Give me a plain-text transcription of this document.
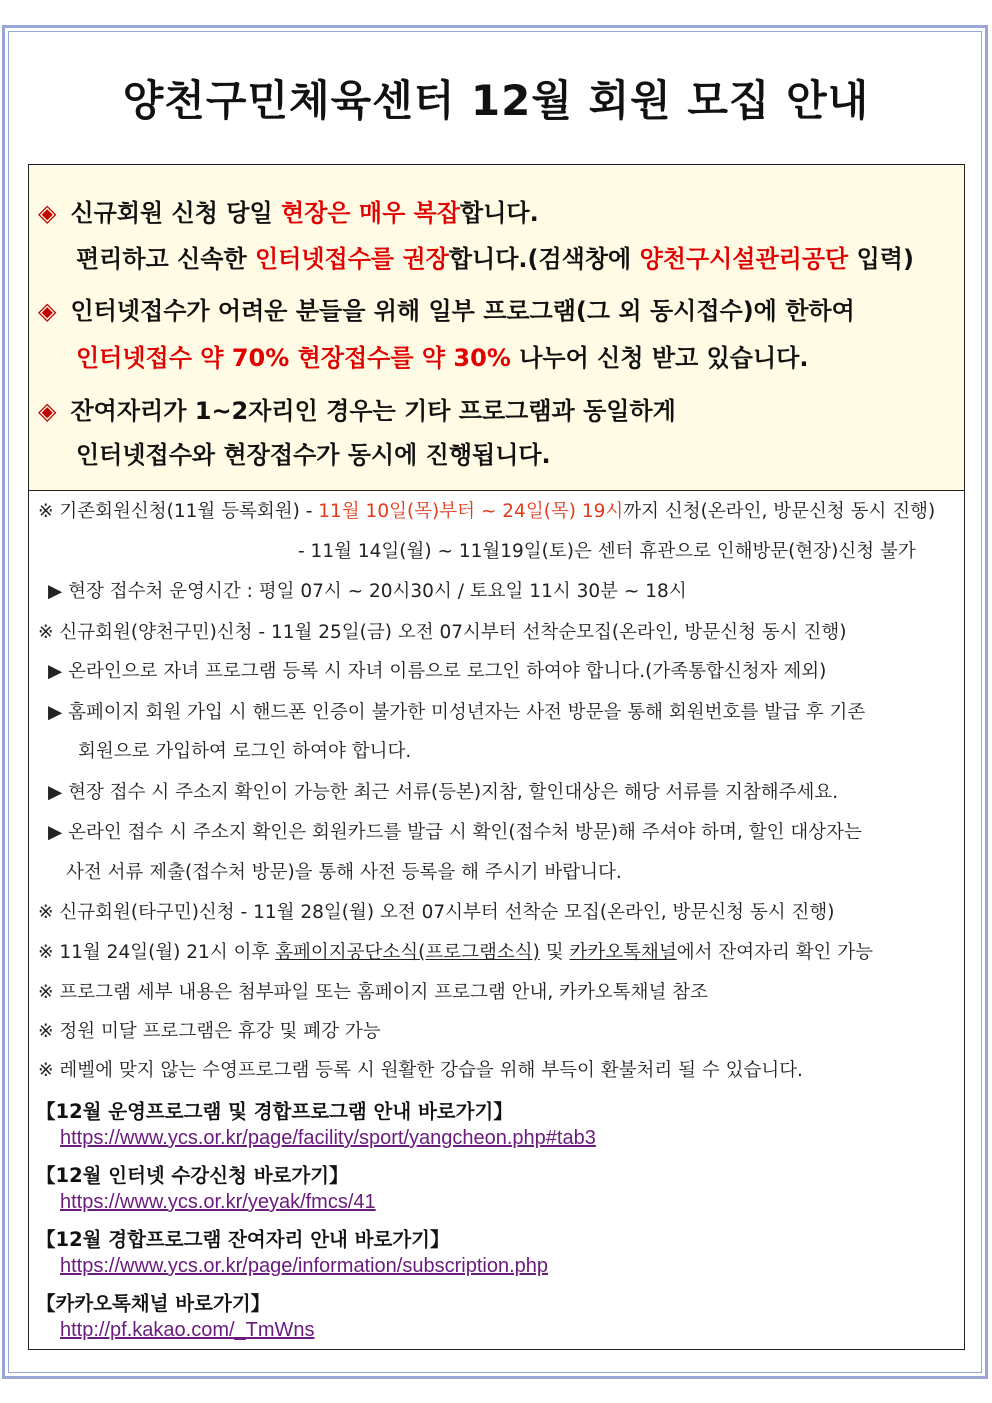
양천구민체육센터 12월 회원 모집 안내
◈ 신규회원 신청 당일 현장은 매우 복잡합니다.
편리하고 신속한 인터넷접수를 권장합니다.(검색창에 양천구시설관리공단 입력)
◈ 인터넷접수가 어려운 분들을 위해 일부 프로그램(그 외 동시접수)에 한하여
인터넷접수 약 70% 현장접수를 약 30% 나누어 신청 받고 있습니다.
◈ 잔여자리가 1~2자리인 경우는 기타 프로그램과 동일하게
인터넷접수와 현장접수가 동시에 진행됩니다.
※ 기존회원신청(11월 등록회원) - 11월 10일(목)부터 ~ 24일(목) 19시까지 신청(온라인, 방문신청 동시 진행)
- 11월 14일(월) ~ 11월19일(토)은 센터 휴관으로 인해방문(현장)신청 불가
▶ 현장 접수처 운영시간 : 평일 07시 ~ 20시30시 / 토요일 11시 30분 ~ 18시
※ 신규회원(양천구민)신청 - 11월 25일(금) 오전 07시부터 선착순모집(온라인, 방문신청 동시 진행)
▶ 온라인으로 자녀 프로그램 등록 시 자녀 이름으로 로그인 하여야 합니다.(가족통합신청자 제외)
▶ 홈페이지 회원 가입 시 핸드폰 인증이 불가한 미성년자는 사전 방문을 통해 회원번호를 발급 후 기존
회원으로 가입하여 로그인 하여야 합니다.
▶ 현장 접수 시 주소지 확인이 가능한 최근 서류(등본)지참, 할인대상은 해당 서류를 지참해주세요.
▶ 온라인 접수 시 주소지 확인은 회원카드를 발급 시 확인(접수처 방문)해 주셔야 하며, 할인 대상자는
사전 서류 제출(접수처 방문)을 통해 사전 등록을 해 주시기 바랍니다.
※ 신규회원(타구민)신청 - 11월 28일(월) 오전 07시부터 선착순 모집(온라인, 방문신청 동시 진행)
※ 11월 24일(월) 21시 이후 홈페이지공단소식(프로그램소식) 및 카카오톡채널에서 잔여자리 확인 가능
※ 프로그램 세부 내용은 첨부파일 또는 홈페이지 프로그램 안내, 카카오톡채널 참조
※ 정원 미달 프로그램은 휴강 및 폐강 가능
※ 레벨에 맞지 않는 수영프로그램 등록 시 원활한 강습을 위해 부득이 환불처리 될 수 있습니다.
【12월 운영프로그램 및 경합프로그램 안내 바로가기】
https://www.ycs.or.kr/page/facility/sport/yangcheon.php#tab3
【12월 인터넷 수강신청 바로가기】
https://www.ycs.or.kr/yeyak/fmcs/41
【12월 경합프로그램 잔여자리 안내 바로가기】
https://www.ycs.or.kr/page/information/subscription.php
【카카오톡채널 바로가기】
http://pf.kakao.com/_TmWns
